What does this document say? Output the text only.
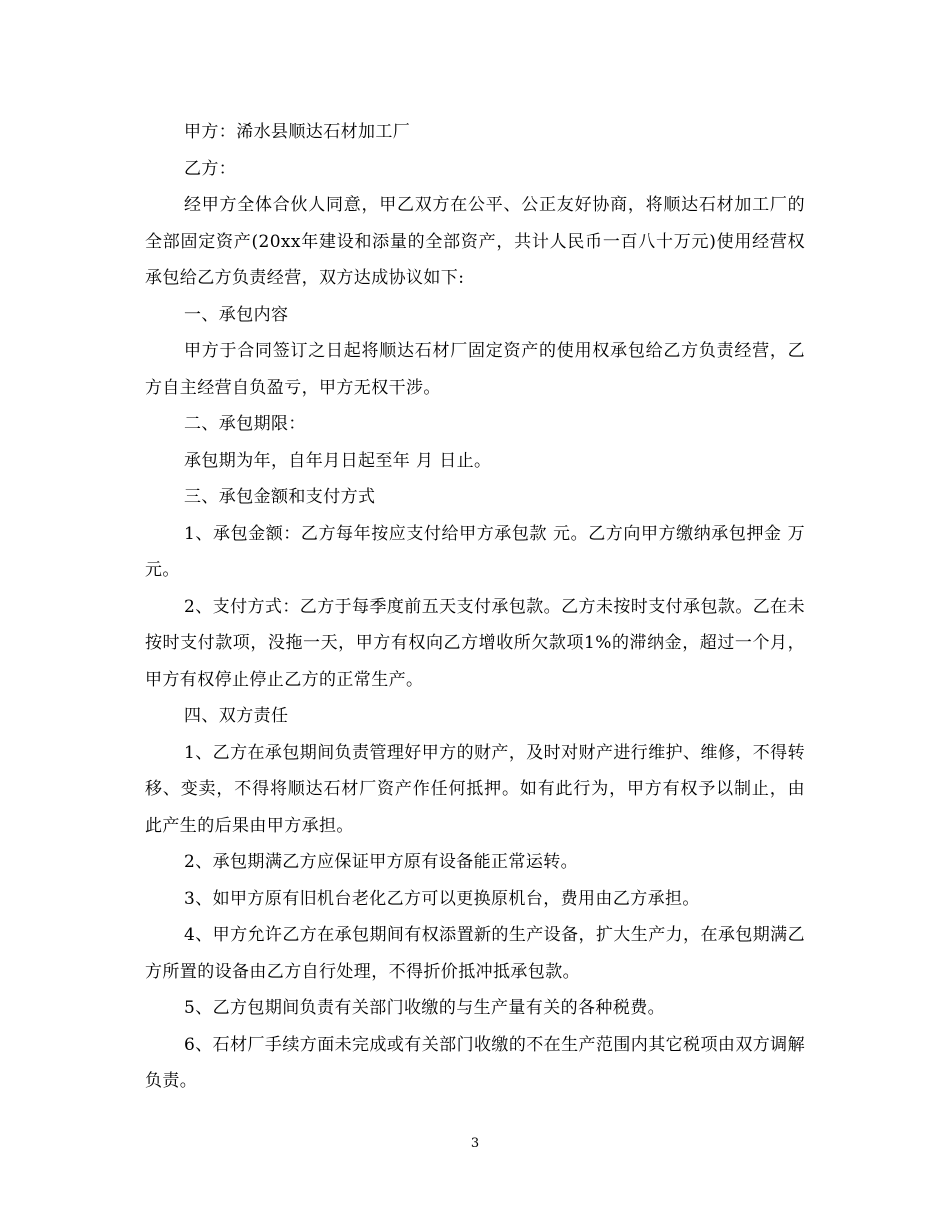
甲方：浠水县顺达石材加工厂

乙方：

经甲方全体合伙人同意，甲乙双方在公平、公正友好协商，将顺达石材加工厂的全部固定资产(20xx年建设和添量的全部资产，共计人民币一百八十万元)使用经营权承包给乙方负责经营，双方达成协议如下:

一、承包内容

甲方于合同签订之日起将顺达石材厂固定资产的使用权承包给乙方负责经营，乙方自主经营自负盈亏，甲方无权干涉。

二、承包期限：

承包期为年，自年月日起至年 月 日止。

三、承包金额和支付方式

1、承包金额：乙方每年按应支付给甲方承包款 元。乙方向甲方缴纳承包押金 万元。

2、支付方式：乙方于每季度前五天支付承包款。乙方未按时支付承包款。乙在未按时支付款项，没拖一天，甲方有权向乙方增收所欠款项1%的滞纳金，超过一个月，甲方有权停止停止乙方的正常生产。

四、双方责任

1、乙方在承包期间负责管理好甲方的财产，及时对财产进行维护、维修，不得转移、变卖，不得将顺达石材厂资产作任何抵押。如有此行为，甲方有权予以制止，由此产生的后果由甲方承担。

2、承包期满乙方应保证甲方原有设备能正常运转。

3、如甲方原有旧机台老化乙方可以更换原机台，费用由乙方承担。

4、甲方允许乙方在承包期间有权添置新的生产设备，扩大生产力，在承包期满乙方所置的设备由乙方自行处理，不得折价抵冲抵承包款。

5、乙方包期间负责有关部门收缴的与生产量有关的各种税费。

6、石材厂手续方面未完成或有关部门收缴的不在生产范围内其它税项由双方调解负责。

3
